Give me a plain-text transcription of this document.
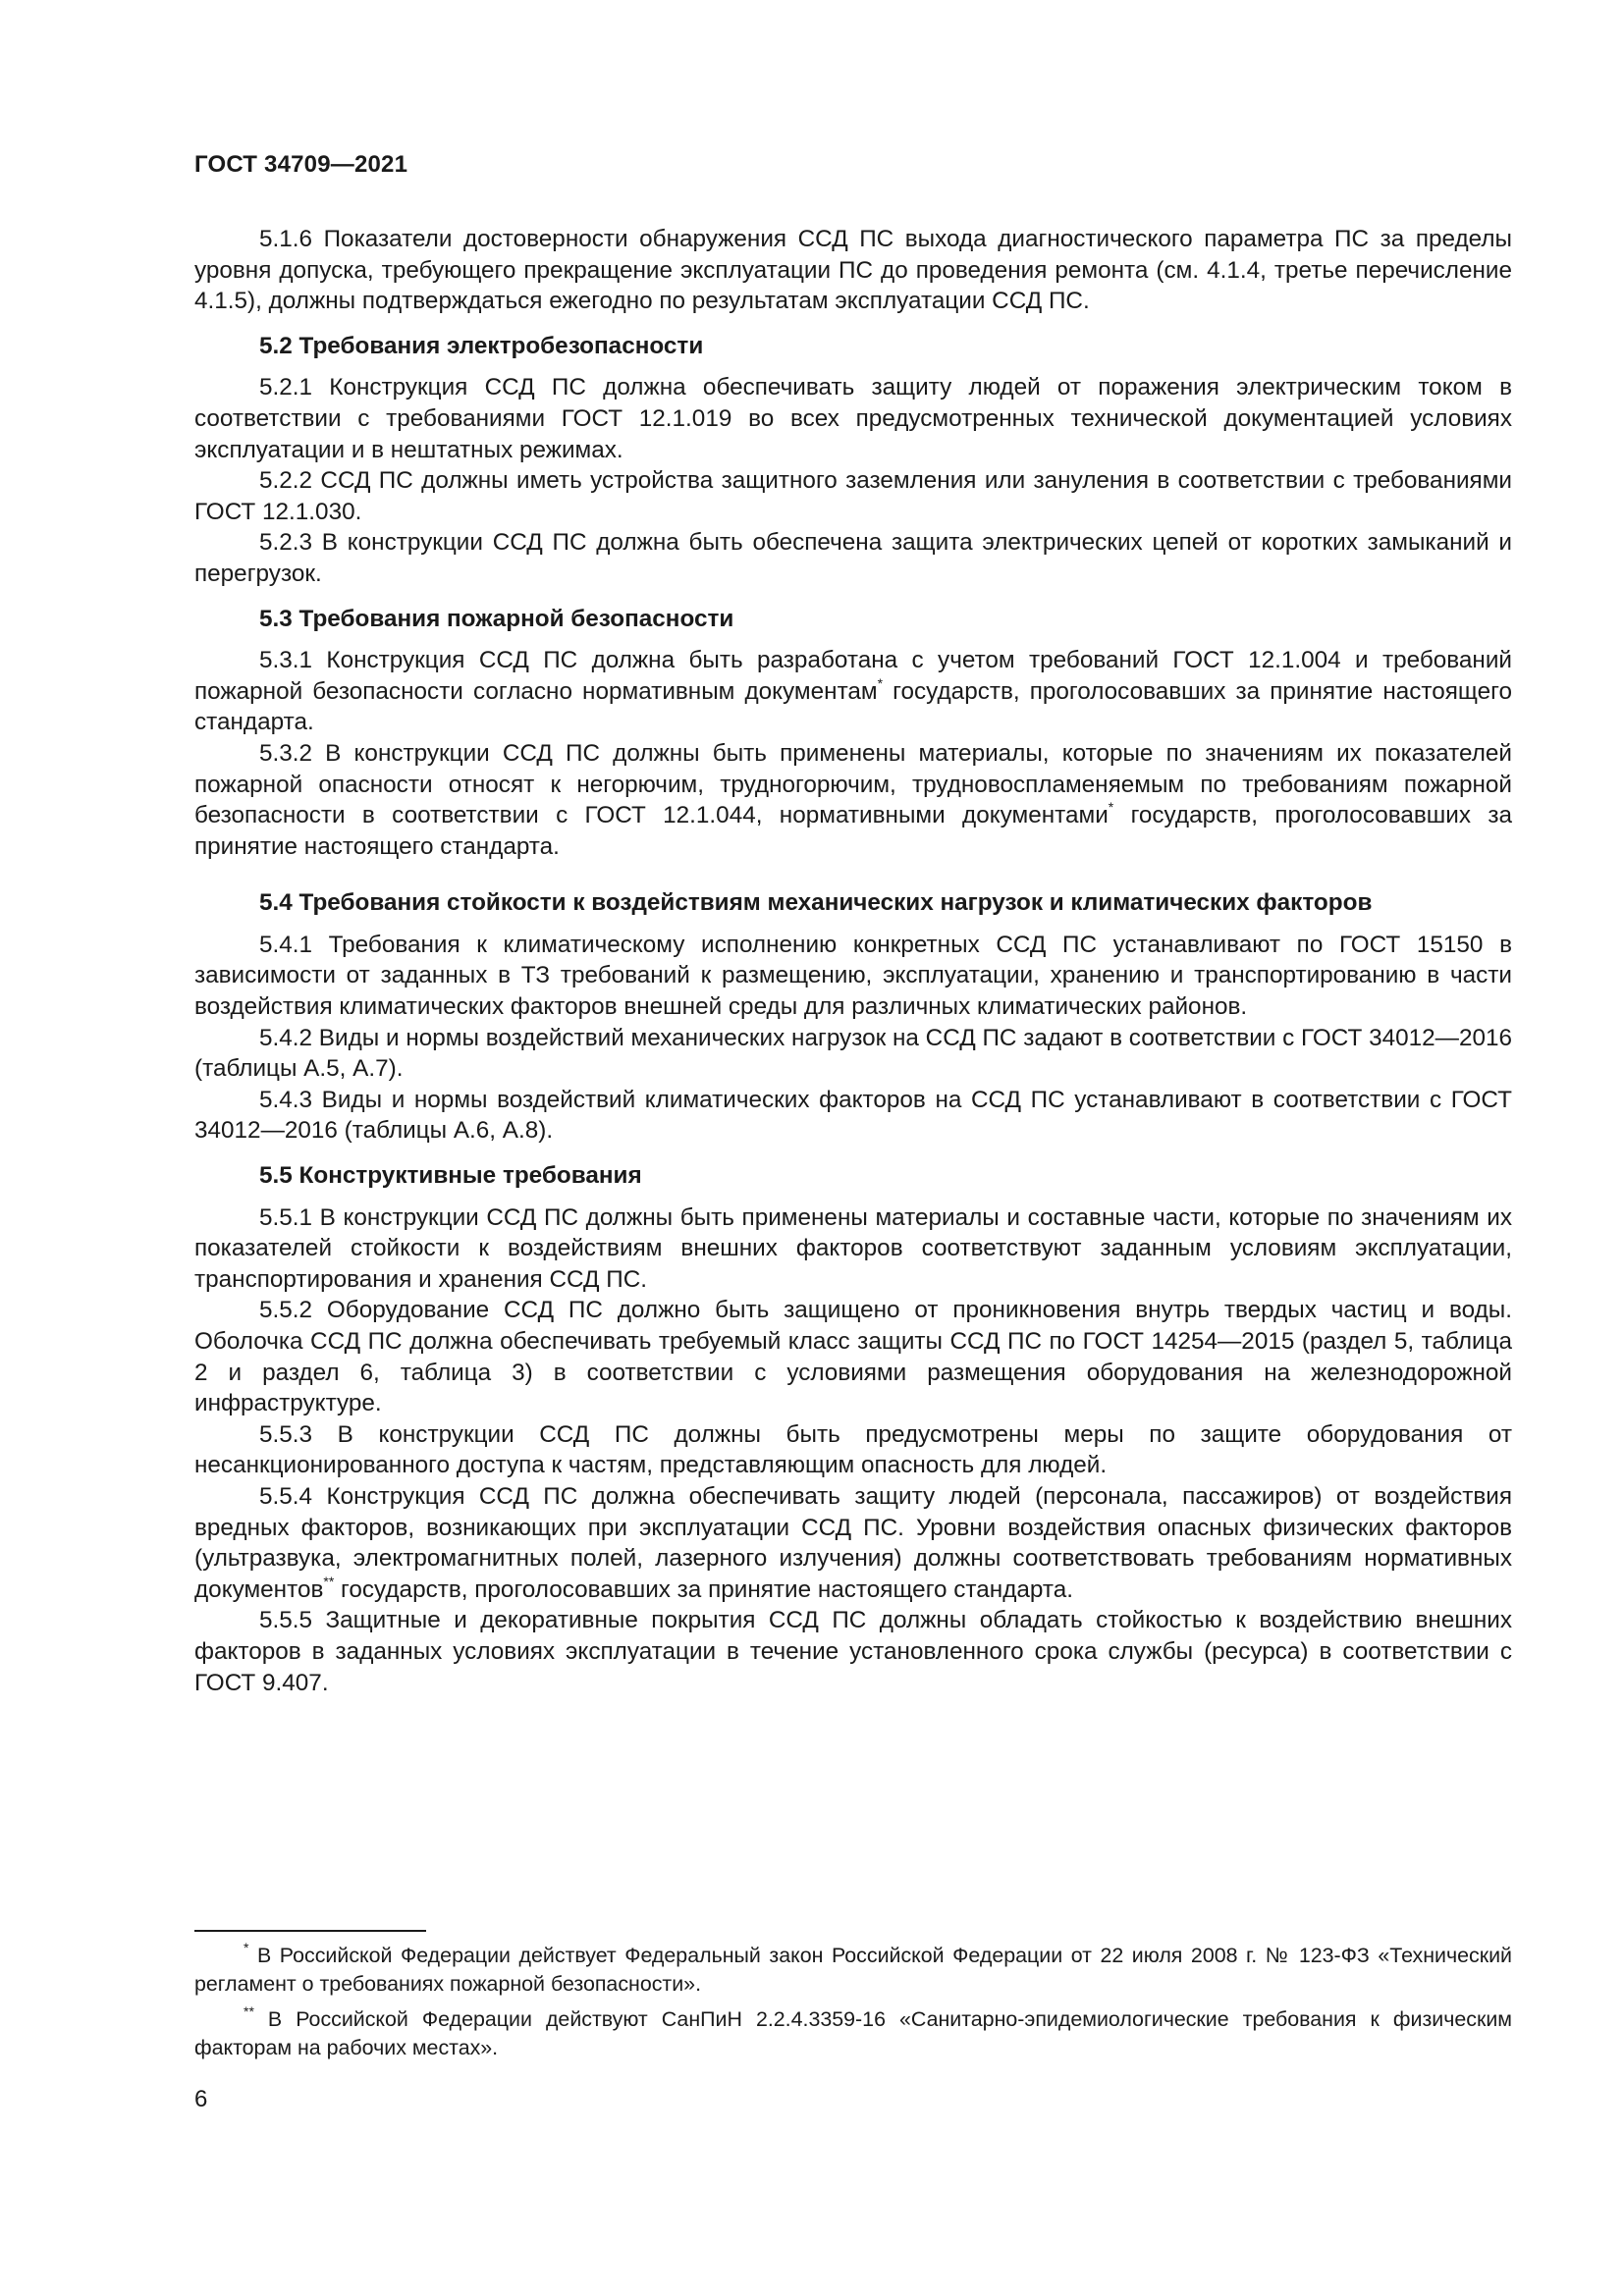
ГОСТ 34709—2021

5.1.6 Показатели достоверности обнаружения ССД ПС выхода диагностического параметра ПС за пределы уровня допуска, требующего прекращение эксплуатации ПС до проведения ремонта (см. 4.1.4, третье перечисление 4.1.5), должны подтверждаться ежегодно по результатам эксплуатации ССД ПС.

5.2 Требования электробезопасности

5.2.1 Конструкция ССД ПС должна обеспечивать защиту людей от поражения электрическим током в соответствии с требованиями ГОСТ 12.1.019 во всех предусмотренных технической документацией условиях эксплуатации и в нештатных режимах.

5.2.2 ССД ПС должны иметь устройства защитного заземления или зануления в соответствии с требованиями ГОСТ 12.1.030.

5.2.3 В конструкции ССД ПС должна быть обеспечена защита электрических цепей от коротких замыканий и перегрузок.

5.3 Требования пожарной безопасности

5.3.1 Конструкция ССД ПС должна быть разработана с учетом требований ГОСТ 12.1.004 и требований пожарной безопасности согласно нормативным документам* государств, проголосовавших за принятие настоящего стандарта.

5.3.2 В конструкции ССД ПС должны быть применены материалы, которые по значениям их показателей пожарной опасности относят к негорючим, трудногорючим, трудновоспламеняемым по требованиям пожарной безопасности в соответствии с ГОСТ 12.1.044, нормативными документами* государств, проголосовавших за принятие настоящего стандарта.

5.4 Требования стойкости к воздействиям механических нагрузок и климатических факторов

5.4.1 Требования к климатическому исполнению конкретных ССД ПС устанавливают по ГОСТ 15150 в зависимости от заданных в ТЗ требований к размещению, эксплуатации, хранению и транспортированию в части воздействия климатических факторов внешней среды для различных климатических районов.

5.4.2 Виды и нормы воздействий механических нагрузок на ССД ПС задают в соответствии с ГОСТ 34012—2016 (таблицы А.5, А.7).

5.4.3 Виды и нормы воздействий климатических факторов на ССД ПС устанавливают в соответствии с ГОСТ 34012—2016 (таблицы А.6, А.8).

5.5 Конструктивные требования

5.5.1 В конструкции ССД ПС должны быть применены материалы и составные части, которые по значениям их показателей стойкости к воздействиям внешних факторов соответствуют заданным условиям эксплуатации, транспортирования и хранения ССД ПС.

5.5.2 Оборудование ССД ПС должно быть защищено от проникновения внутрь твердых частиц и воды. Оболочка ССД ПС должна обеспечивать требуемый класс защиты ССД ПС по ГОСТ 14254—2015 (раздел 5, таблица 2 и раздел 6, таблица 3) в соответствии с условиями размещения оборудования на железнодорожной инфраструктуре.

5.5.3 В конструкции ССД ПС должны быть предусмотрены меры по защите оборудования от несанкционированного доступа к частям, представляющим опасность для людей.

5.5.4 Конструкция ССД ПС должна обеспечивать защиту людей (персонала, пассажиров) от воздействия вредных факторов, возникающих при эксплуатации ССД ПС. Уровни воздействия опасных физических факторов (ультразвука, электромагнитных полей, лазерного излучения) должны соответствовать требованиям нормативных документов** государств, проголосовавших за принятие настоящего стандарта.

5.5.5 Защитные и декоративные покрытия ССД ПС должны обладать стойкостью к воздействию внешних факторов в заданных условиях эксплуатации в течение установленного срока службы (ресурса) в соответствии с ГОСТ 9.407.

* В Российской Федерации действует Федеральный закон Российской Федерации от 22 июля 2008 г. № 123-ФЗ «Технический регламент о требованиях пожарной безопасности».

** В Российской Федерации действуют СанПиН 2.2.4.3359-16 «Санитарно-эпидемиологические требования к физическим факторам на рабочих местах».

6
